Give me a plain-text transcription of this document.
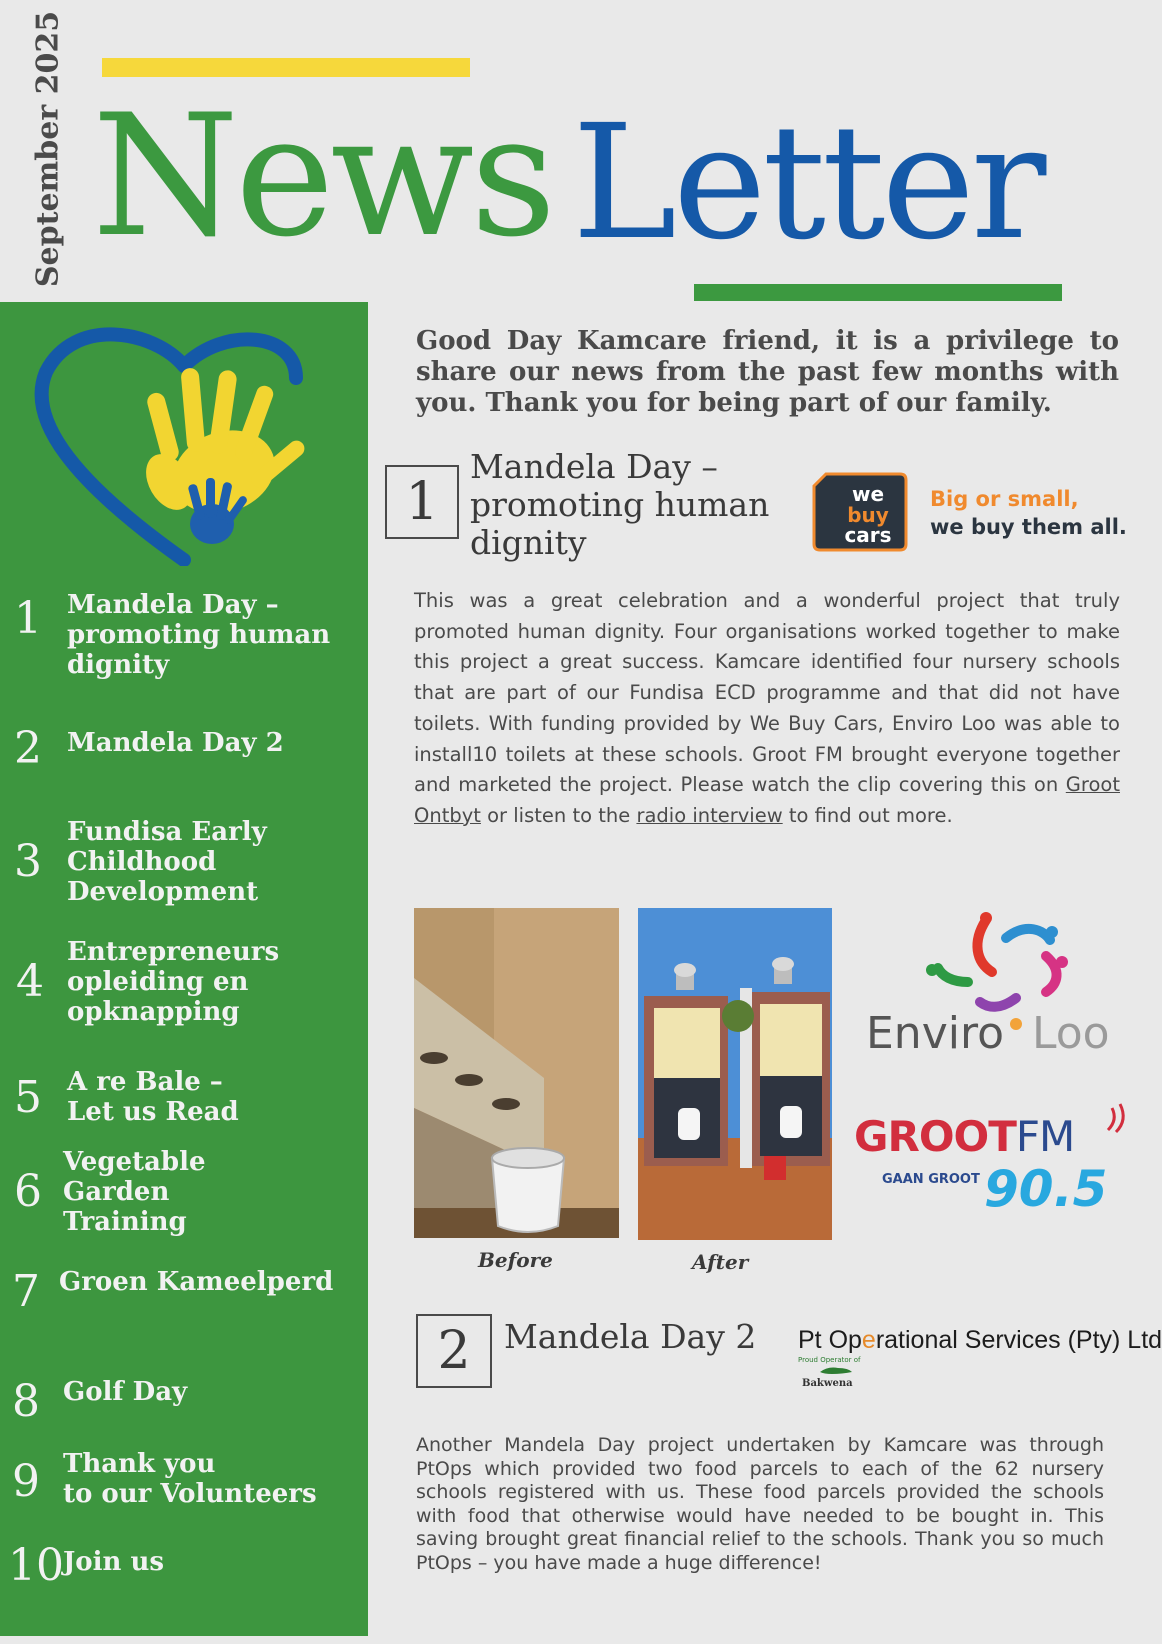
September 2025 News Letter
1 Mandela Day –
promoting human
dignity
2 Mandela Day 2
3
Fundisa Early
Childhood
Development
4
Entrepreneurs
opleiding en
opknapping
5 A re Bale –
Let us Read
6
Vegetable
Garden
Training
7 Groen Kameelperd
8 Golf Day
9 Thank you
to our Volunteers
10 Join us
Good Day Kamcare friend, it is a privilege to share our news from the past few months with you. Thank you for being part of our family.
1
Mandela Day –
promoting human
dignity
we
buy
cars
Big or small,
we buy them all.
This was a great celebration and a wonderful project that truly promoted human dignity. Four organisations worked together to make this project a great success. Kamcare identified four nursery schools that are part of our Fundisa ECD programme and that did not have toilets. With funding provided by We Buy Cars, Enviro Loo was able to install10 toilets at these schools. Groot FM brought everyone together and marketed the project. Please watch the clip covering this on Groot Ontbyt or listen to the radio interview to find out more.
Before	After
Enviro Loo
GROOTFM
GAAN GROOT 90.5
2	Mandela Day 2 Pt Operational Services (Pty) Ltd
Proud Operator of
Bakwena
Another Mandela Day project undertaken by Kamcare was through PtOps which provided two food parcels to each of the 62 nursery schools registered with us. These food parcels provided the schools with food that otherwise would have needed to be bought in. This saving brought great financial relief to the schools. Thank you so much PtOps – you have made a huge difference!
